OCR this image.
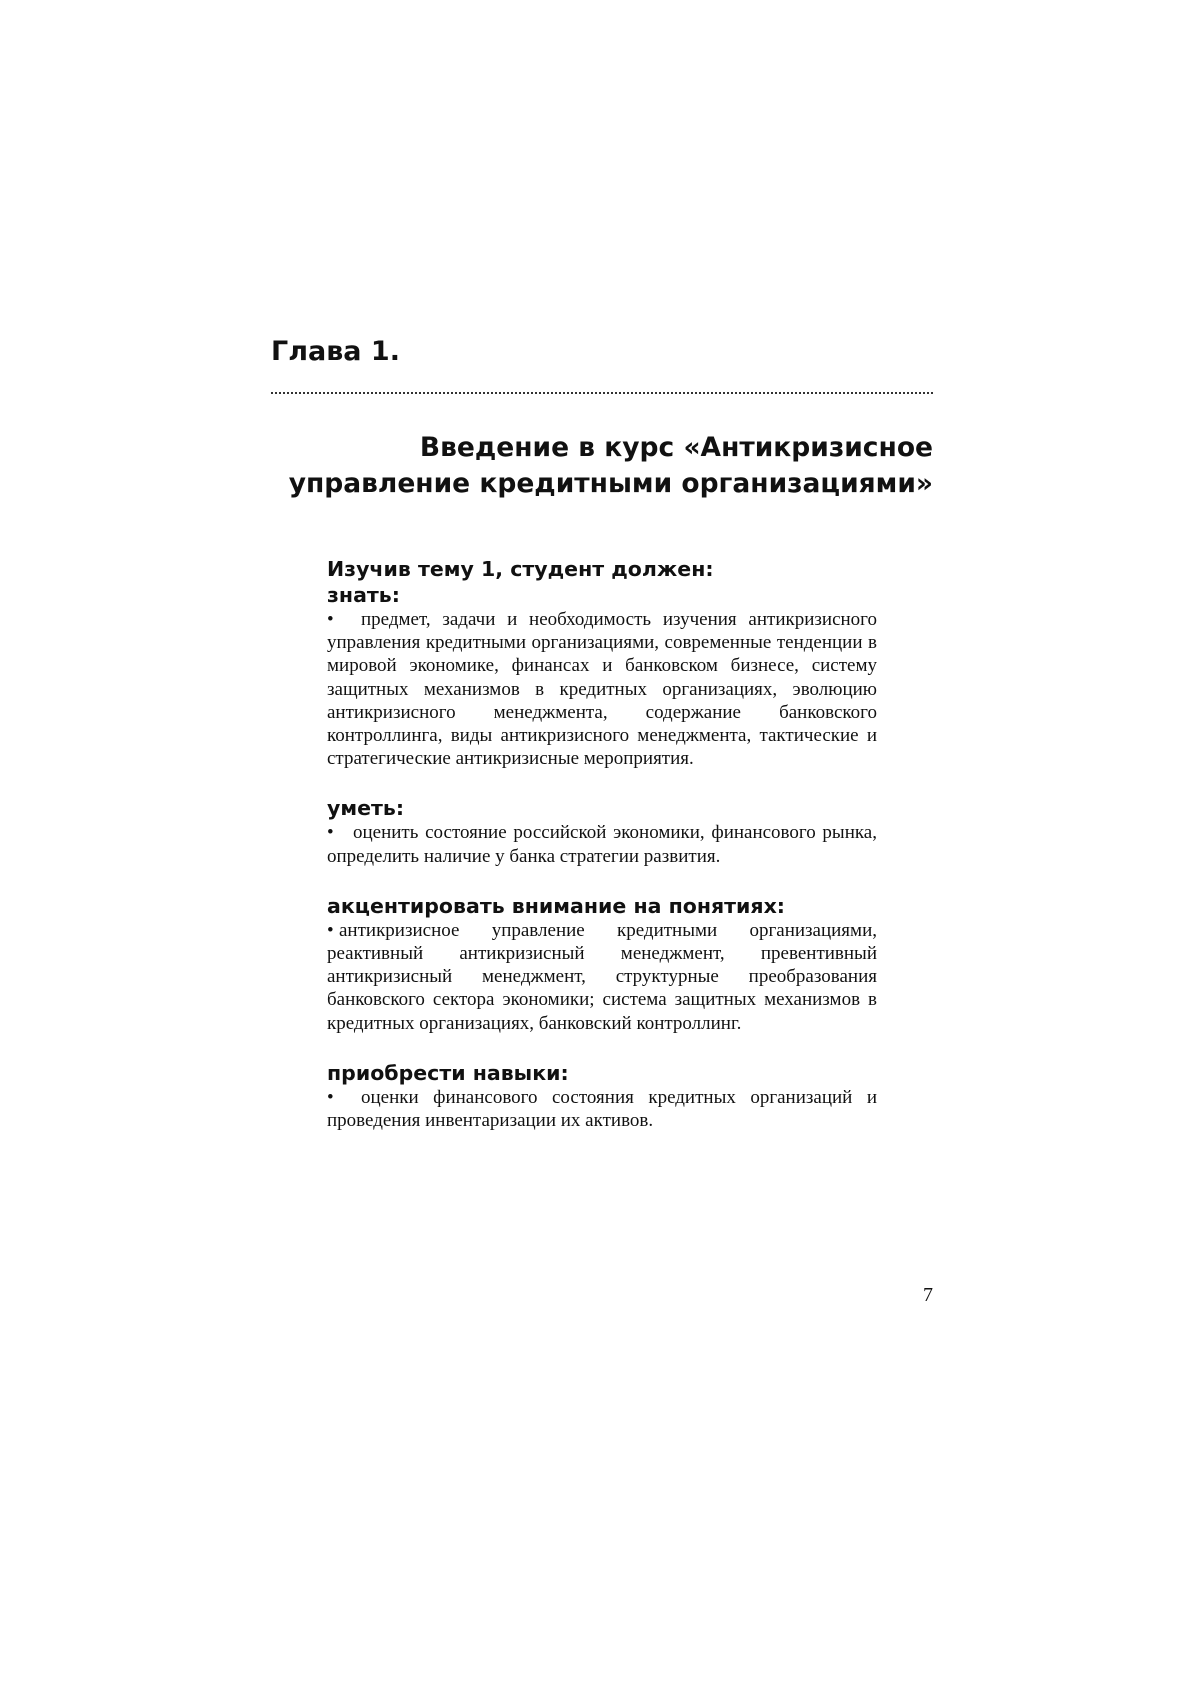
Глава 1.
Введение в курс «Антикризисное
управление кредитными организациями»

Изучив тему 1, студент должен:

знать:

• предмет, задачи и необходимость изучения антикризисного управления кредитными организациями, современные тенденции в мировой экономике, финансах и банковском бизнесе, систему защитных механизмов в кредитных организациях, эволюцию антикризисного менеджмента, содержание банковского контроллинга, виды антикризисного менеджмента, тактические и стратегические антикризисные мероприятия.

уметь:

• оценить состояние российской экономики, финансового рынка, определить наличие у банка стратегии развития.

акцентировать внимание на понятиях:

• антикризисное управление кредитными организациями, реактивный антикризисный менеджмент, превентивный антикризисный менеджмент, структурные преобразования банковского сектора экономики; система защитных механизмов в кредитных организациях, банковский контроллинг.

приобрести навыки:

• оценки финансового состояния кредитных организаций и проведения инвентаризации их активов.

7
